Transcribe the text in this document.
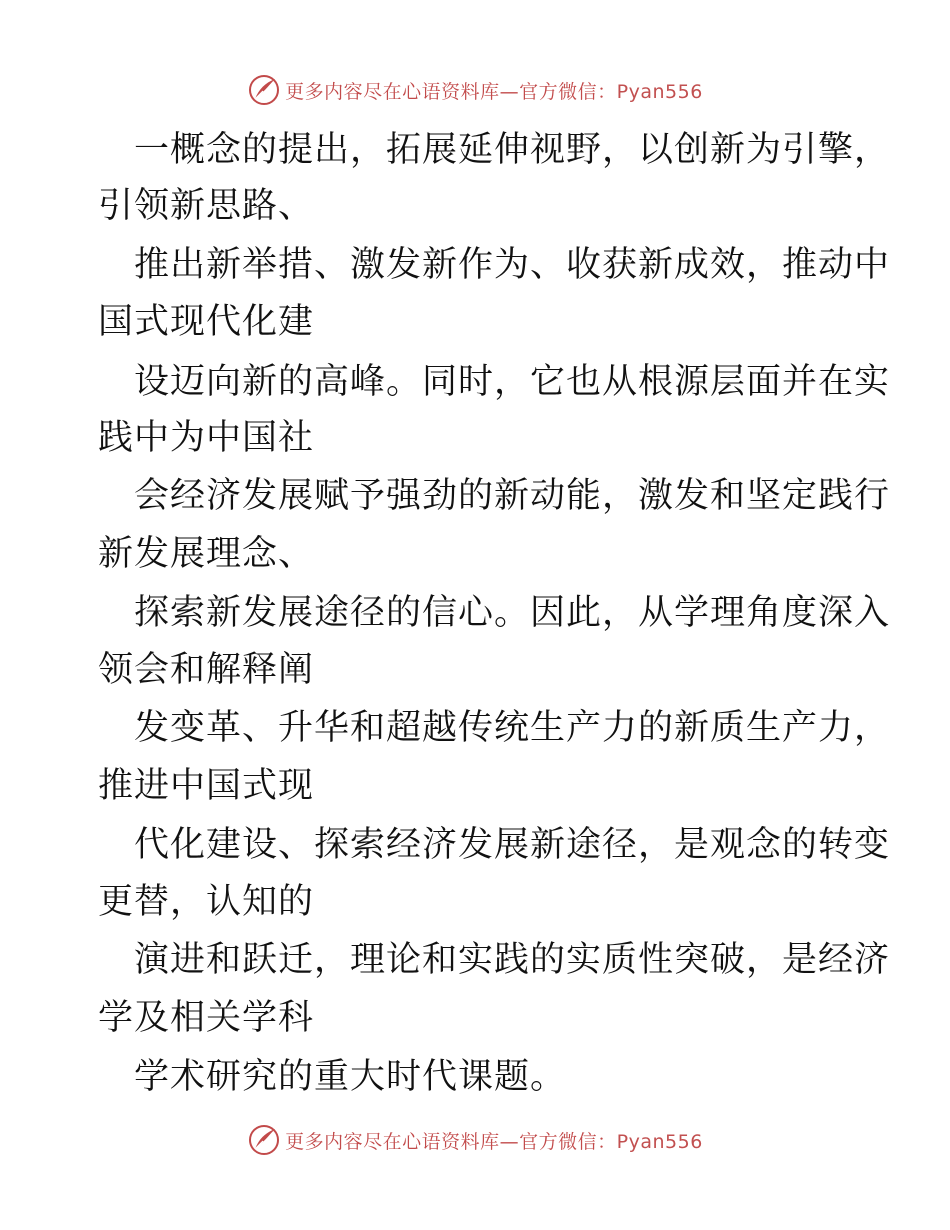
更多内容尽在心语资料库—官方微信：Pyan556
一概念的提出，拓展延伸视野，以创新为引擎，
引领新思路、
推出新举措、激发新作为、收获新成效，推动中
国式现代化建
设迈向新的高峰。同时，它也从根源层面并在实
践中为中国社
会经济发展赋予强劲的新动能，激发和坚定践行
新发展理念、
探索新发展途径的信心。因此，从学理角度深入
领会和解释阐
发变革、升华和超越传统生产力的新质生产力，
推进中国式现
代化建设、探索经济发展新途径，是观念的转变
更替，认知的
演进和跃迁，理论和实践的实质性突破，是经济
学及相关学科
学术研究的重大时代课题。
更多内容尽在心语资料库—官方微信：Pyan556
